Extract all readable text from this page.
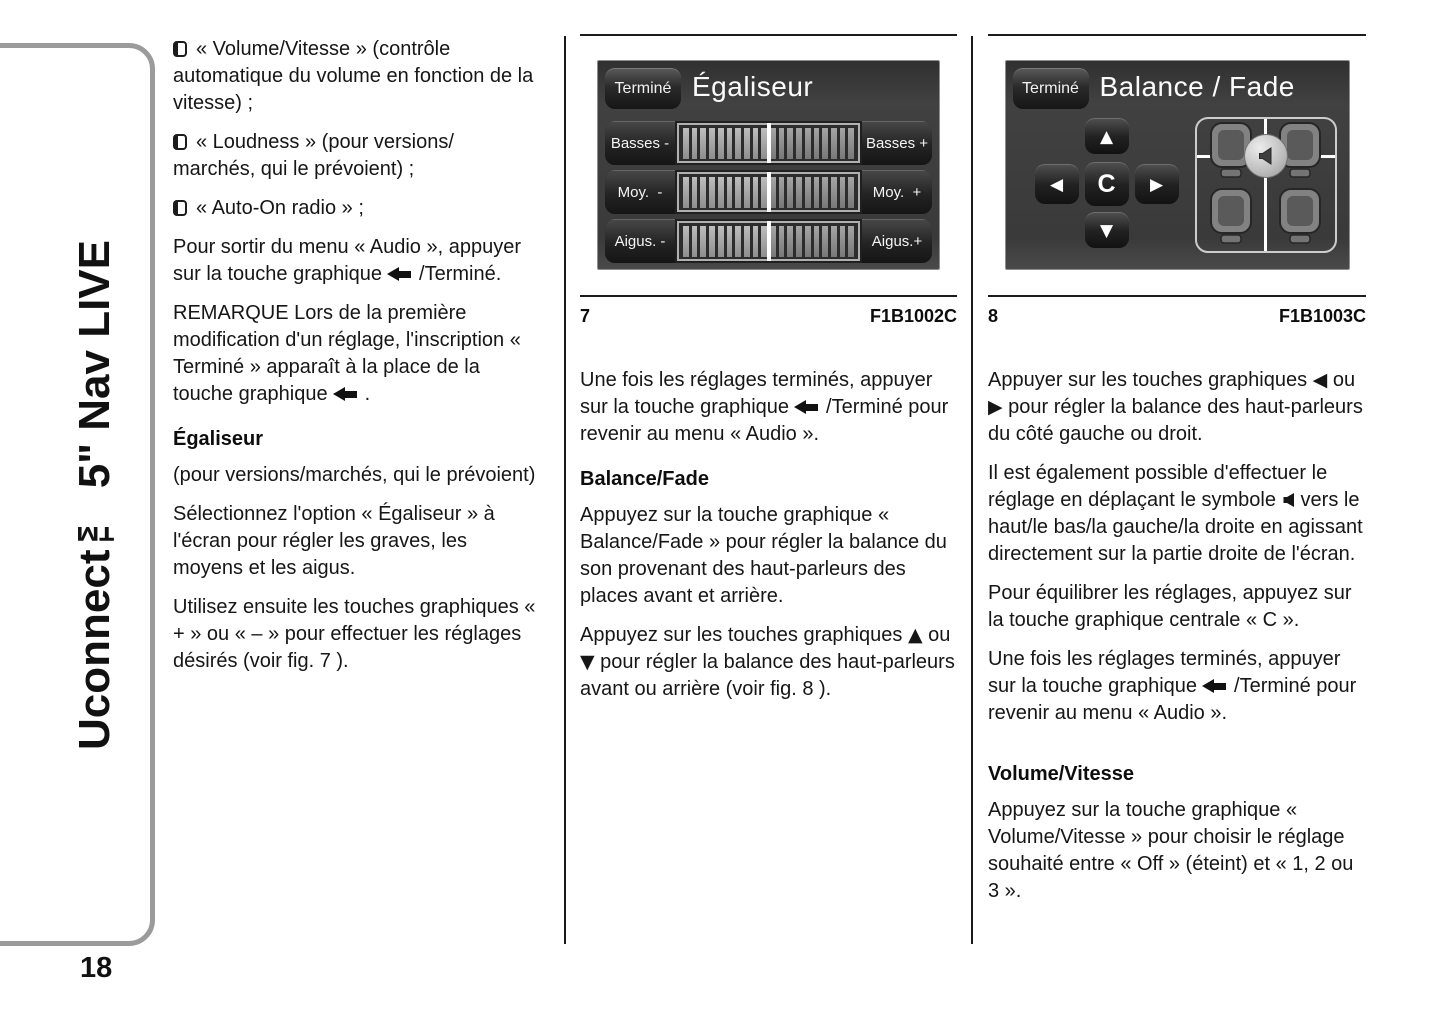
Uconnect™ 5" Nav LIVE
18

« Volume/Vitesse » (contrôle automatique du volume en fonction de la vitesse) ;

« Loudness » (pour versions/ marchés, qui le prévoient) ;

« Auto-On radio » ;

Pour sortir du menu « Audio », appuyer sur la touche graphique /Terminé.

REMARQUE Lors de la première modification d'un réglage, l'inscription « Terminé » apparaît à la place de la touche graphique .

Égaliseur

(pour versions/marchés, qui le prévoient)

Sélectionnez l'option « Égaliseur » à l'écran pour régler les graves, les moyens et les aigus.

Utilisez ensuite les touches graphiques « + » ou « – » pour effectuer les réglages désirés (voir fig. 7 ).

Terminé Égaliseur
Basses -	Basses +
Moy.  -	Moy.  +
Aigus. -	Aigus.+
7	F1B1002C

Une fois les réglages terminés, appuyer sur la touche graphique /Terminé pour revenir au menu « Audio ».

Balance/Fade

Appuyez sur la touche graphique « Balance/Fade » pour régler la balance du son provenant des haut-parleurs des places avant et arrière.

Appuyez sur les touches graphiques ▲ ou ▼ pour régler la balance des haut-parleurs avant ou arrière (voir fig. 8 ).

Terminé Balance / Fade
▲
◀	C	▶
▼
8	F1B1003C

Appuyer sur les touches graphiques ◀ ou ▶ pour régler la balance des haut-parleurs du côté gauche ou droit.

Il est également possible d'effectuer le réglage en déplaçant le symbole vers le haut/le bas/la gauche/la droite en agissant directement sur la partie droite de l'écran.

Pour équilibrer les réglages, appuyez sur la touche graphique centrale « C ».

Une fois les réglages terminés, appuyer sur la touche graphique /Terminé pour revenir au menu « Audio ».

Volume/Vitesse

Appuyez sur la touche graphique « Volume/Vitesse » pour choisir le réglage souhaité entre « Off » (éteint) et « 1, 2 ou 3 ».
